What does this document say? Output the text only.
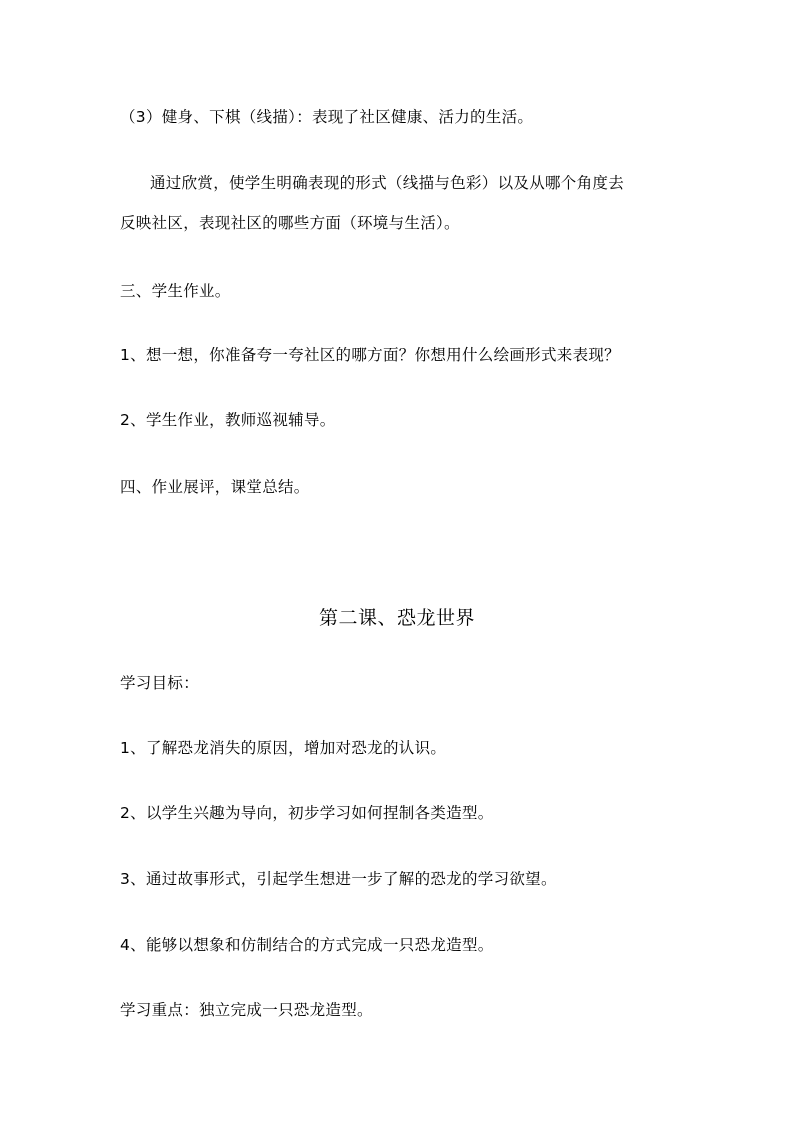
（3）健身、下棋（线描）：表现了社区健康、活力的生活。
通过欣赏，使学生明确表现的形式（线描与色彩）以及从哪个角度去
反映社区，表现社区的哪些方面（环境与生活）。
三、学生作业。
1、想一想，你准备夸一夸社区的哪方面？你想用什么绘画形式来表现？
2、学生作业，教师巡视辅导。
四、作业展评，课堂总结。
第二课、恐龙世界
学习目标：
1、了解恐龙消失的原因，增加对恐龙的认识。
2、以学生兴趣为导向，初步学习如何捏制各类造型。
3、通过故事形式，引起学生想进一步了解的恐龙的学习欲望。
4、能够以想象和仿制结合的方式完成一只恐龙造型。
学习重点：独立完成一只恐龙造型。
